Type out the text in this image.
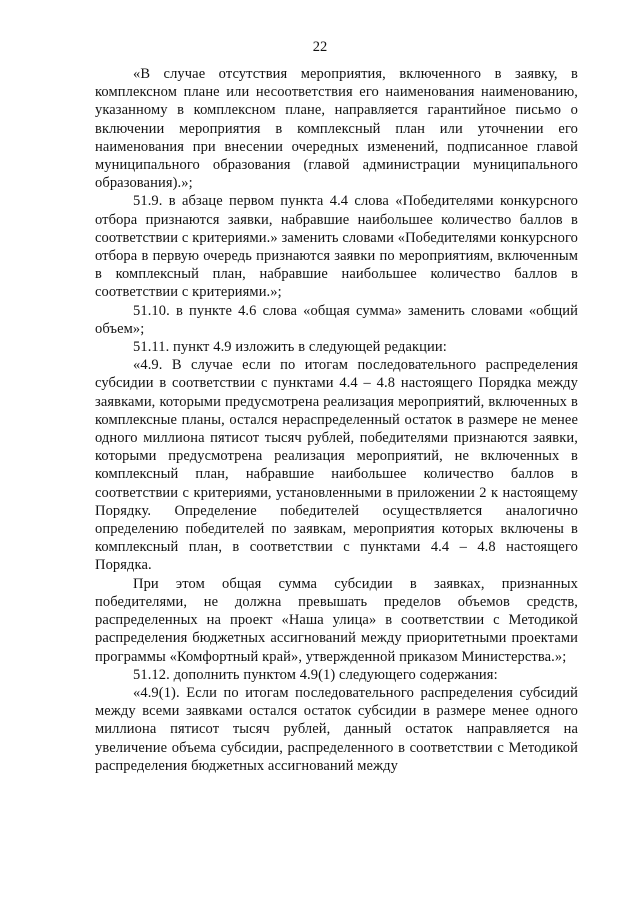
22

«В случае отсутствия мероприятия, включенного в заявку, в комплексном плане или несоответствия его наименования наименованию, указанному в комплексном плане, направляется гарантийное письмо о включении мероприятия в комплексный план или уточнении его наименования при внесении очередных изменений, подписанное главой муниципального образования (главой администрации муниципального образования).»;

51.9. в абзаце первом пункта 4.4 слова «Победителями конкурсного отбора признаются заявки, набравшие наибольшее количество баллов в соответствии с критериями.» заменить словами «Победителями конкурсного отбора в первую очередь признаются заявки по мероприятиям, включенным в комплексный план, набравшие наибольшее количество баллов в соответствии с критериями.»;

51.10. в пункте 4.6 слова «общая сумма» заменить словами «общий объем»;

51.11. пункт 4.9 изложить в следующей редакции:

«4.9. В случае если по итогам последовательного распределения субсидии в соответствии с пунктами 4.4 – 4.8 настоящего Порядка между заявками, которыми предусмотрена реализация мероприятий, включенных в комплексные планы, остался нераспределенный остаток в размере не менее одного миллиона пятисот тысяч рублей, победителями признаются заявки, которыми предусмотрена реализация мероприятий, не включенных в комплексный план, набравшие наибольшее количество баллов в соответствии с критериями, установленными в приложении 2 к настоящему Порядку. Определение победителей осуществляется аналогично определению победителей по заявкам, мероприятия которых включены в комплексный план, в соответствии с пунктами 4.4 – 4.8 настоящего Порядка.

При этом общая сумма субсидии в заявках, признанных победителями, не должна превышать пределов объемов средств, распределенных на проект «Наша улица» в соответствии с Методикой распределения бюджетных ассигнований между приоритетными проектами программы «Комфортный край», утвержденной приказом Министерства.»;

51.12. дополнить пунктом 4.9(1) следующего содержания:

«4.9(1). Если по итогам последовательного распределения субсидий между всеми заявками остался остаток субсидии в размере менее одного миллиона пятисот тысяч рублей, данный остаток направляется на увеличение объема субсидии, распределенного в соответствии с Методикой распределения бюджетных ассигнований между
